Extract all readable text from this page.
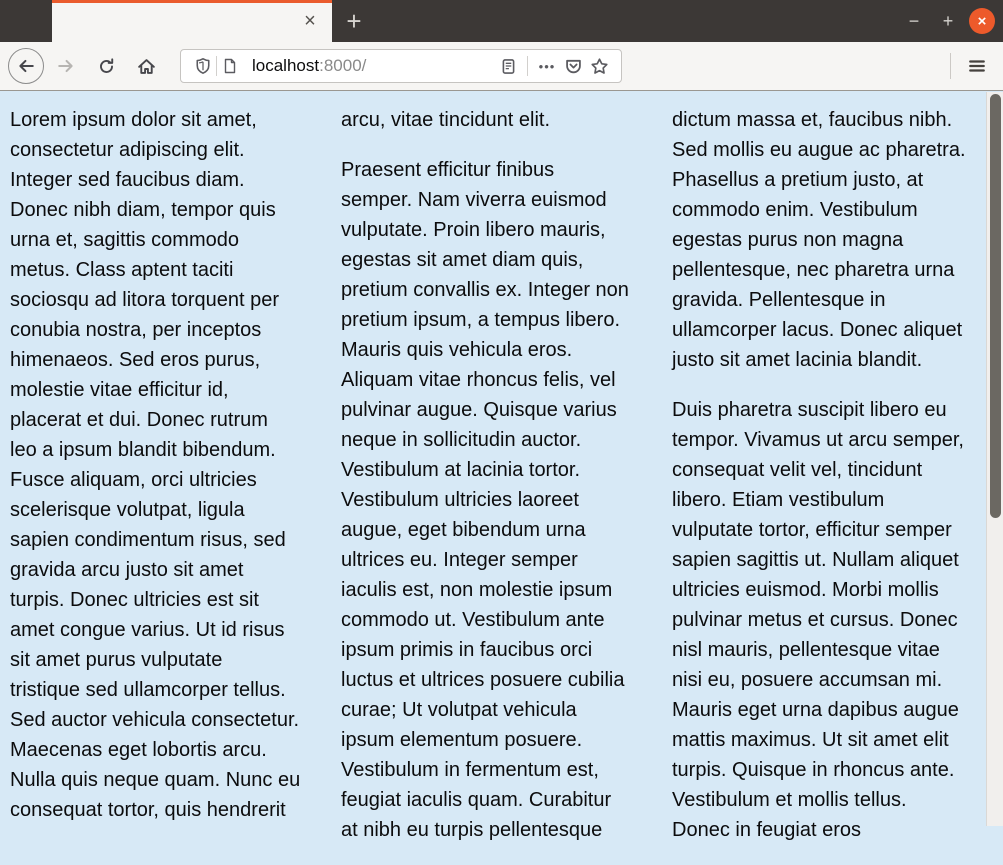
×	+	−	+	×
localhost:8000/	•••
Lorem ipsum dolor sit amet,
consectetur adipiscing elit.
Integer sed faucibus diam.
Donec nibh diam, tempor quis
urna et, sagittis commodo
metus. Class aptent taciti
sociosqu ad litora torquent per
conubia nostra, per inceptos
himenaeos. Sed eros purus,
molestie vitae efficitur id,
placerat et dui. Donec rutrum
leo a ipsum blandit bibendum.
Fusce aliquam, orci ultricies
scelerisque volutpat, ligula
sapien condimentum risus, sed
gravida arcu justo sit amet
turpis. Donec ultricies est sit
amet congue varius. Ut id risus
sit amet purus vulputate
tristique sed ullamcorper tellus.
Sed auctor vehicula consectetur.
Maecenas eget lobortis arcu.
Nulla quis neque quam. Nunc eu
consequat tortor, quis hendrerit
arcu, vitae tincidunt elit.
Praesent efficitur finibus
semper. Nam viverra euismod
vulputate. Proin libero mauris,
egestas sit amet diam quis,
pretium convallis ex. Integer non
pretium ipsum, a tempus libero.
Mauris quis vehicula eros.
Aliquam vitae rhoncus felis, vel
pulvinar augue. Quisque varius
neque in sollicitudin auctor.
Vestibulum at lacinia tortor.
Vestibulum ultricies laoreet
augue, eget bibendum urna
ultrices eu. Integer semper
iaculis est, non molestie ipsum
commodo ut. Vestibulum ante
ipsum primis in faucibus orci
luctus et ultrices posuere cubilia
curae; Ut volutpat vehicula
ipsum elementum posuere.
Vestibulum in fermentum est,
feugiat iaculis quam. Curabitur
at nibh eu turpis pellentesque
dictum massa et, faucibus nibh.
Sed mollis eu augue ac pharetra.
Phasellus a pretium justo, at
commodo enim. Vestibulum
egestas purus non magna
pellentesque, nec pharetra urna
gravida. Pellentesque in
ullamcorper lacus. Donec aliquet
justo sit amet lacinia blandit.
Duis pharetra suscipit libero eu
tempor. Vivamus ut arcu semper,
consequat velit vel, tincidunt
libero. Etiam vestibulum
vulputate tortor, efficitur semper
sapien sagittis ut. Nullam aliquet
ultricies euismod. Morbi mollis
pulvinar metus et cursus. Donec
nisl mauris, pellentesque vitae
nisi eu, posuere accumsan mi.
Mauris eget urna dapibus augue
mattis maximus. Ut sit amet elit
turpis. Quisque in rhoncus ante.
Vestibulum et mollis tellus.
Donec in feugiat eros
